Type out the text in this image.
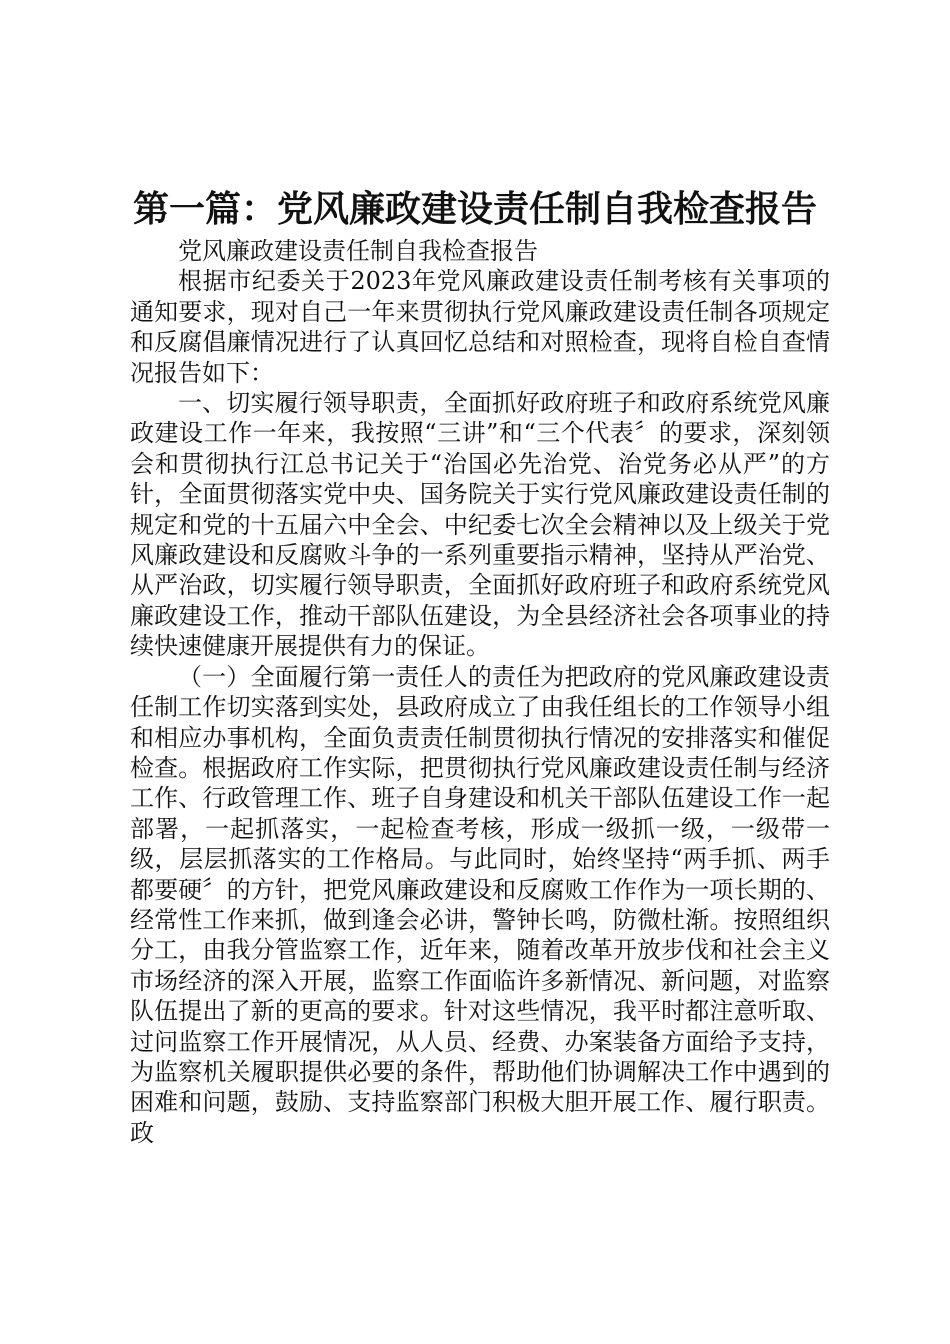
第一篇：党风廉政建设责任制自我检查报告

党风廉政建设责任制自我检查报告

根据市纪委关于2023年党风廉政建设责任制考核有关事项的通知要求，现对自己一年来贯彻执行党风廉政建设责任制各项规定和反腐倡廉情况进行了认真回忆总结和对照检查，现将自检自查情况报告如下：

一、切实履行领导职责，全面抓好政府班子和政府系统党风廉政建设工作一年来，我按照“三讲”和“三个代表〞的要求，深刻领会和贯彻执行江总书记关于“治国必先治党、治党务必从严”的方针，全面贯彻落实党中央、国务院关于实行党风廉政建设责任制的规定和党的十五届六中全会、中纪委七次全会精神以及上级关于党风廉政建设和反腐败斗争的一系列重要指示精神，坚持从严治党、从严治政，切实履行领导职责，全面抓好政府班子和政府系统党风廉政建设工作，推动干部队伍建设，为全县经济社会各项事业的持续快速健康开展提供有力的保证。

（一）全面履行第一责任人的责任为把政府的党风廉政建设责任制工作切实落到实处，县政府成立了由我任组长的工作领导小组和相应办事机构，全面负责责任制贯彻执行情况的安排落实和催促检查。根据政府工作实际，把贯彻执行党风廉政建设责任制与经济工作、行政管理工作、班子自身建设和机关干部队伍建设工作一起部署，一起抓落实，一起检查考核，形成一级抓一级，一级带一级，层层抓落实的工作格局。与此同时，始终坚持“两手抓、两手都要硬〞的方针，把党风廉政建设和反腐败工作作为一项长期的、经常性工作来抓，做到逢会必讲，警钟长鸣，防微杜渐。按照组织分工，由我分管监察工作，近年来，随着改革开放步伐和社会主义市场经济的深入开展，监察工作面临许多新情况、新问题，对监察队伍提出了新的更高的要求。针对这些情况，我平时都注意听取、过问监察工作开展情况，从人员、经费、办案装备方面给予支持，为监察机关履职提供必要的条件，帮助他们协调解决工作中遇到的困难和问题，鼓励、支持监察部门积极大胆开展工作、履行职责。政
